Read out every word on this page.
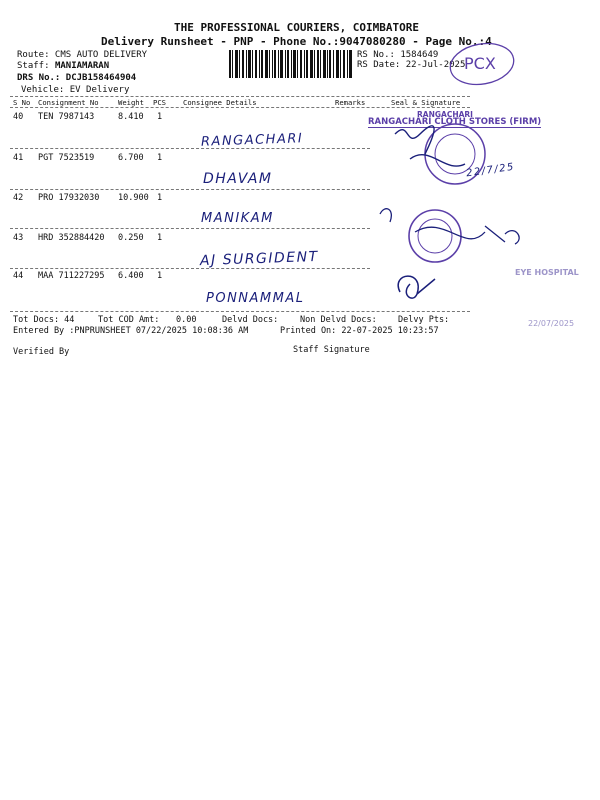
THE PROFESSIONAL COURIERS, COIMBATORE
Delivery Runsheet - PNP - Phone No.:9047080280 - Page No.:4
Route: CMS AUTO DELIVERY
Staff: MANIAMARAN
DRS No.: DCJB158464904
Vehicle: EV Delivery
RS No.: 1584649
RS Date: 22-Jul-2025
PCX
S No Consignment No	Weight PCS Consignee Details	Remarks	Seal & Signature
40 TEN 7987143	8.410 1
RANGACHARI
41 PGT 7523519	6.700 1
DHAVAM
42 PRO 17932030 10.900 1
MANIKAM
43 HRD 352884420 0.250 1
AJ SURGIDENT
44 MAA 711227295 6.400 1
PONNAMMAL
RANGACHARI
RANGACHARI CLOTH STORES (FIRM)
22/7/25
EYE HOSPITAL
22/07/2025
Tot Docs: 44	Tot COD Amt: 0.00	Delvd Docs:	Non Delvd Docs: Delvy Pts:
Entered By :PNPRUNSHEET 07/22/2025 10:08:36 AM	Printed On: 22-07-2025 10:23:57
Verified By	Staff Signature
